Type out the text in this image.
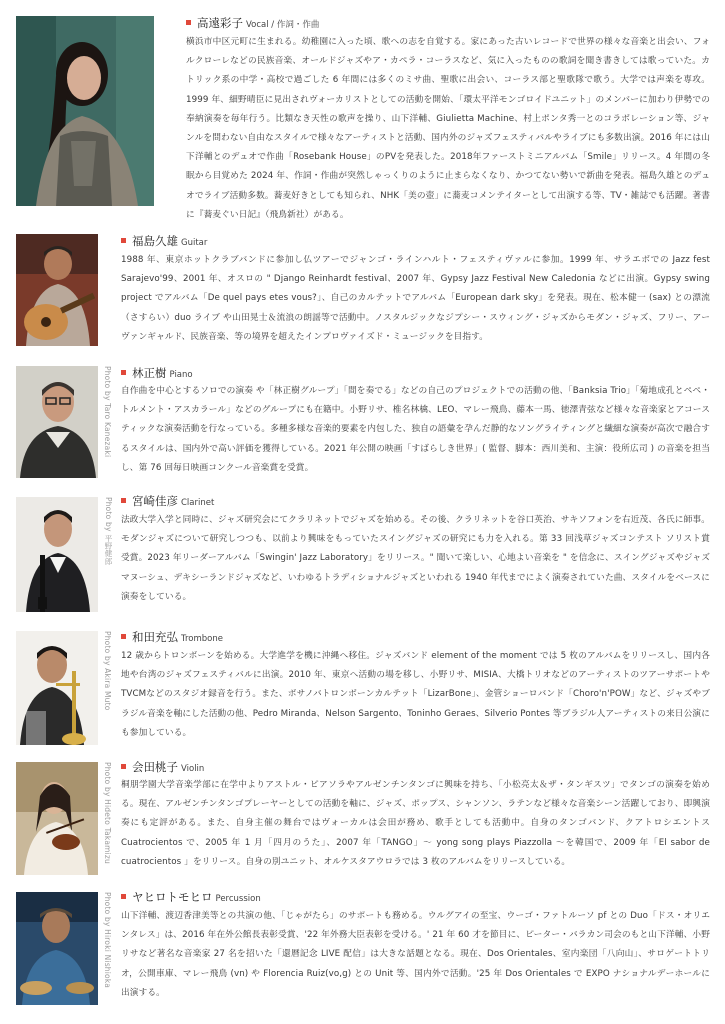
高遠彩子 Vocal / 作詞・作曲
横浜市中区元町に生まれる。幼稚園に入った頃、歌への志を自覚する。家にあった古いレコードで世界の様々な音楽と出会い、フォルクローレなどの民族音楽、オールドジャズやア・カペラ・コーラスなど、気に入ったものの歌詞を聞き書きしては歌っていた。カトリック系の中学・高校で過ごした 6 年間には多くのミサ曲、聖歌に出会い、コーラス部と聖歌隊で歌う。大学では声楽を専攻。1999 年、細野晴臣に見出されヴォーカリストとしての活動を開始、「環太平洋モンゴロイドユニット」のメンバーに加わり伊勢での奉納演奏を毎年行う。比類なき天性の歌声を操り、山下洋輔、Giulietta Machine、村上ポンタ秀一とのコラボレーション等、ジャンルを問わない自由なスタイルで様々なアーティストと活動、国内外のジャズフェスティバルやライブにも多数出演。2016 年には山下洋輔とのデュオで作曲「Rosebank House」のPVを発表した。2018年ファーストミニアルバム「Smile」リリース。4 年間の冬眠から目覚めた 2024 年、作詞・作曲が突然しゃっくりのように止まらなくなり、かつてない勢いで新曲を発表。福島久雄とのデュオでライブ活動多数。蕎麦好きとしても知られ、NHK「美の壺」に蕎麦コメンテイターとして出演する等、TV・雑誌でも活躍。著書に『蕎麦ぐい日記』（飛鳥新社）がある。
福島久雄 Guitar
1988 年、東京ホットクラブバンドに参加し仏ツアーでジャンゴ・ラインハルト・フェスティヴァルに参加。1999 年、サラエボでの Jazz fest Sarajevo'99、2001 年、オスロの " Django Reinhardt festival、2007 年、Gypsy Jazz Festival New Caledonia などに出演。Gypsy swing project でアルバム「De quel pays etes vous?」、自己のカルテットでアルバム「European dark sky」を発表。現在、松本健一 (sax) との漂流（さすらい）duo ライブ や山田晃士＆流浪の朗謡等で活動中。ノスタルジックなジプシー・スウィング・ジャズからモダン・ジャズ、フリー、アーヴァンギャルド、民族音楽、等の境界を超えたインプロヴァイズド・ミュージックを目指す。
Photo by Taro Kanezaki	林正樹 Piano
自作曲を中心とするソロでの演奏 や「林正樹グループ」「間を奏でる」などの自己のプロジェクトでの活動の他、「Banksia Trio」「菊地成孔とペペ・トルメント・アスカラール」などのグループにも在籍中。小野リサ、椎名林檎、LEO、マレー飛鳥、藤本一馬、徳澤青弦など様々な音楽家とアコースティックな演奏活動を行なっている。多種多様な音楽的要素を内包した、独自の語彙を孕んだ静的なソングライティングと繊細な演奏が高次で融合するスタイルは、国内外で高い評価を獲得している。2021 年公開の映画「すばらしき世界」( 監督、脚本：西川美和、主演：役所広司 ) の音楽を担当し、第 76 回毎日映画コンクール音楽賞を受賞。
Photo by 平野健郎	宮崎佳彦 Clarinet
法政大学入学と同時に、ジャズ研究会にてクラリネットでジャズを始める。その後、クラリネットを谷口英治、サキソフォンを右近茂、各氏に師事。モダンジャズについて研究しつつも、以前より興味をもっていたスイングジャズの研究にも力を入れる。第 33 回浅草ジャズコンテスト ソリスト賞受賞。2023 年リーダーアルバム「Swingin' Jazz Laboratory」をリリース。" 聞いて楽しい、心地よい音楽を " を信念に、スイングジャズやジャズマヌーシュ、デキシーランドジャズなど、いわゆるトラディショナルジャズといわれる 1940 年代までによく演奏されていた曲、スタイルをベースに演奏をしている。
Photo by Akira Muto	和田充弘 Trombone
12 歳からトロンボーンを始める。大学進学を機に沖縄へ移住。ジャズバンド element of the moment では 5 枚のアルバムをリリースし、国内各地や台湾のジャズフェスティバルに出演。2010 年、東京へ活動の場を移し、小野リサ、MISIA、大橋トリオなどのアーティストのツアーサポートやTVCMなどのスタジオ録音を行う。また、ボサノバトロンボーンカルテット「LizarBone」、金管ショーロバンド「Choro'n'POW」など、ジャズやブラジル音楽を軸にした活動の他、Pedro Miranda、Nelson Sargento、Toninho Geraes、Silverio Pontes 等ブラジル人アーティストの来日公演にも参加している。
Photo by Hideto Takamizu	会田桃子 Violin
桐朋学園大学音楽学部に在学中よりアストル・ピアソラやアルゼンチンタンゴに興味を持ち、「小松亮太＆ザ・タンギスツ」でタンゴの演奏を始める。現在、アルゼンチンタンゴプレーヤーとしての活動を軸に、ジャズ、ポップス、シャンソン、ラテンなど様々な音楽シーン活躍しており、即興演奏にも定評がある。また、自身主催の舞台ではヴォーカルは会田が務め、歌手としても活動中。自身のタンゴバンド、クアトロシエントス Cuatrocientos で、2005 年 1 月「四月のうた」、2007 年「TANGO」～ yong song plays Piazzolla ～を韓国で、2009 年「El sabor de cuatrocientos 」をリリース。自身の別ユニット、オルケスタアウロラでは 3 枚のアルバムをリリースしている。
Photo by Hiroki Nishioka	ヤヒロトモヒロ Percussion
山下洋輔、渡辺香津美等との共演の他、「じゃがたら」のサポートも務める。ウルグアイの至宝、ウーゴ・ファトルーソ pf との Duo「ドス・オリエンタレス」は、2016 年在外公館長表彰受賞、'22 年外務大臣表彰を受ける。' 21 年 60 才を節目に、ピーター・バラカン司会のもと山下洋輔、小野リサなど著名な音楽家 27 名を招いた「還暦記念 LIVE 配信」は大きな話題となる。現在、Dos Orientales、室内楽団「八向山」、サロゲートトリオ，公開車庫、マレー飛鳥 (vn) や Florencia Ruiz(vo,g) との Unit 等、国内外で活動。'25 年 Dos Orientales で EXPO ナショナルデーホールに出演する。
